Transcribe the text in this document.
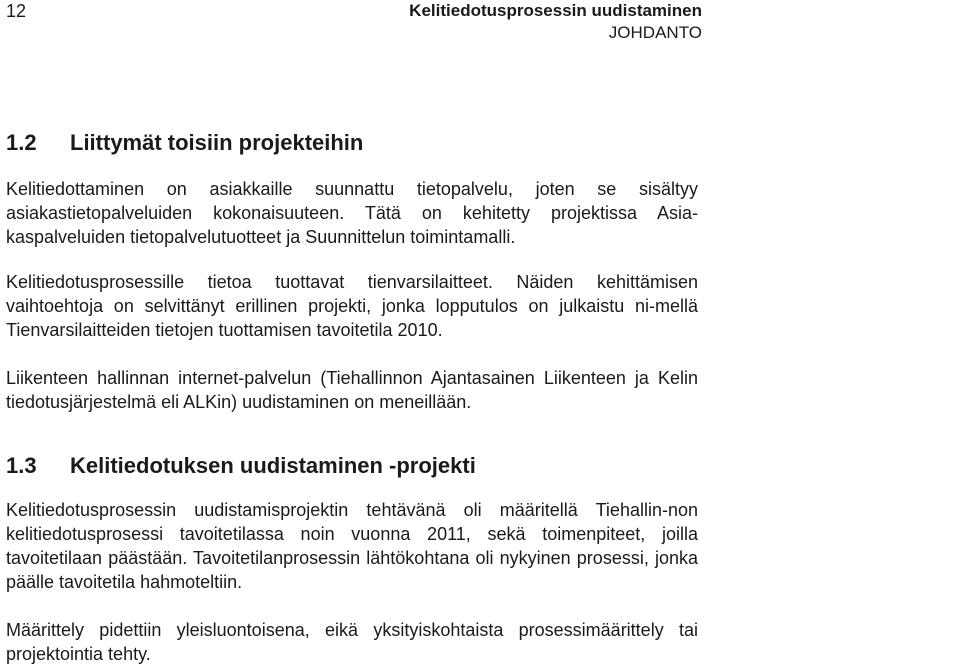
12	Kelitiedotusprosessin uudistaminen
JOHDANTO
1.2 Liittymät toisiin projekteihin

Kelitiedottaminen on asiakkaille suunnattu tietopalvelu, joten se sisältyy asiakastietopalveluiden kokonaisuuteen. Tätä on kehitetty projektissa Asia-kaspalveluiden tietopalvelutuotteet ja Suunnittelun toimintamalli.

Kelitiedotusprosessille tietoa tuottavat tienvarsilaitteet. Näiden kehittämisen vaihtoehtoja on selvittänyt erillinen projekti, jonka lopputulos on julkaistu ni-mellä Tienvarsilaitteiden tietojen tuottamisen tavoitetila 2010.

Liikenteen hallinnan internet-palvelun (Tiehallinnon Ajantasainen Liikenteen ja Kelin tiedotusjärjestelmä eli ALKin) uudistaminen on meneillään.

1.3 Kelitiedotuksen uudistaminen -projekti

Kelitiedotusprosessin uudistamisprojektin tehtävänä oli määritellä Tiehallin-non kelitiedotusprosessi tavoitetilassa noin vuonna 2011, sekä toimenpiteet, joilla tavoitetilaan päästään. Tavoitetilanprosessin lähtökohtana oli nykyinen prosessi, jonka päälle tavoitetila hahmoteltiin.

Määrittely pidettiin yleisluontoisena, eikä yksityiskohtaista prosessimäärittely tai projektointia tehty.
